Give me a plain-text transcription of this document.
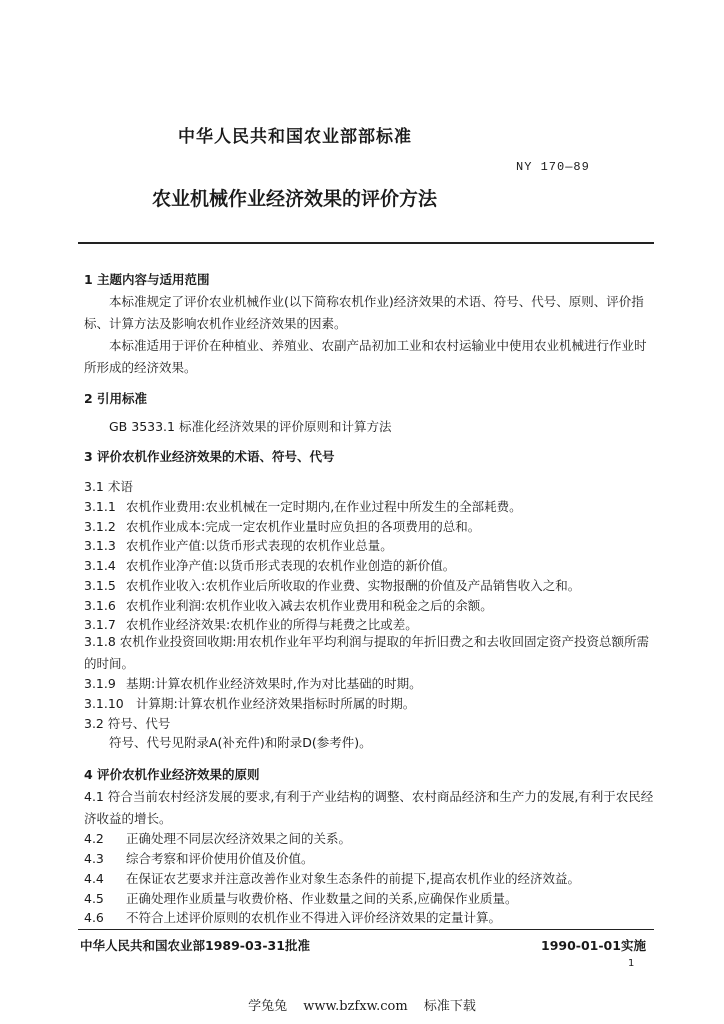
中华人民共和国农业部部标准
NY 170—89
农业机械作业经济效果的评价方法
1 主题内容与适用范围
本标准规定了评价农业机械作业(以下简称农机作业)经济效果的术语、符号、代号、原则、评价指标、计算方法及影响农机作业经济效果的因素。
本标准适用于评价在种植业、养殖业、农副产品初加工业和农村运输业中使用农业机械进行作业时所形成的经济效果。
2 引用标准
GB 3533.1 标准化经济效果的评价原则和计算方法
3 评价农机作业经济效果的术语、符号、代号
3.1 术语
3.1.1 农机作业费用:农业机械在一定时期内,在作业过程中所发生的全部耗费。
3.1.2 农机作业成本:完成一定农机作业量时应负担的各项费用的总和。
3.1.3 农机作业产值:以货币形式表现的农机作业总量。
3.1.4 农机作业净产值:以货币形式表现的农机作业创造的新价值。
3.1.5 农机作业收入:农机作业后所收取的作业费、实物报酬的价值及产品销售收入之和。
3.1.6 农机作业利润:农机作业收入减去农机作业费用和税金之后的余额。
3.1.7 农机作业经济效果:农机作业的所得与耗费之比或差。
3.1.8 农机作业投资回收期:用农机作业年平均利润与提取的年折旧费之和去收回固定资产投资总额所需的时间。
3.1.9 基期:计算农机作业经济效果时,作为对比基础的时期。
3.1.10 计算期:计算农机作业经济效果指标时所属的时期。
3.2 符号、代号
符号、代号见附录A(补充件)和附录D(参考件)。
4 评价农机作业经济效果的原则
4.1 符合当前农村经济发展的要求,有利于产业结构的调整、农村商品经济和生产力的发展,有利于农民经济收益的增长。
4.2 正确处理不同层次经济效果之间的关系。
4.3 综合考察和评价使用价值及价值。
4.4 在保证农艺要求并注意改善作业对象生态条件的前提下,提高农机作业的经济效益。
4.5 正确处理作业质量与收费价格、作业数量之间的关系,应确保作业质量。
4.6 不符合上述评价原则的农机作业不得进入评价经济效果的定量计算。
中华人民共和国农业部1989-03-31批准	1990-01-01实施
1
学兔兔 www.bzfxw.com 标准下载
